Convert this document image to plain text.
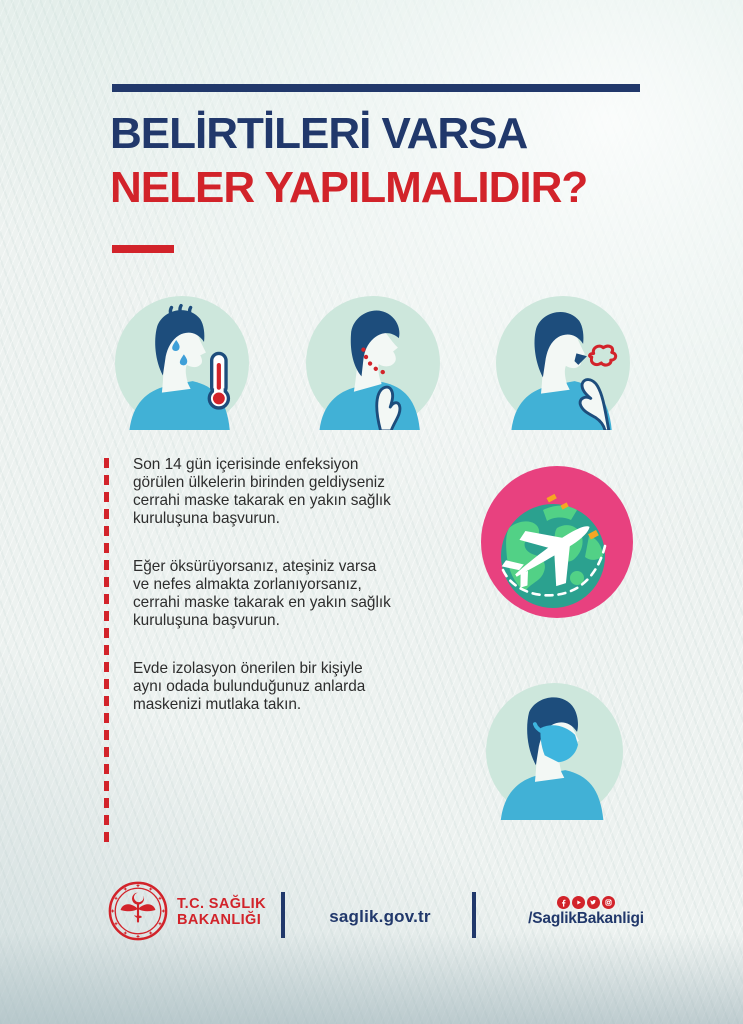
BELİRTİLERİ VARSA
NELER YAPILMALIDIR?

Son 14 gün içerisinde enfeksiyon
görülen ülkelerin birinden geldiyseniz
cerrahi maske takarak en yakın sağlık
kuruluşuna başvurun.

Eğer öksürüyorsanız, ateşiniz varsa
ve nefes almakta zorlanıyorsanız,
cerrahi maske takarak en yakın sağlık
kuruluşuna başvurun.

Evde izolasyon önerilen bir kişiyle
aynı odada bulunduğunuz anlarda
maskenizi mutlaka takın.

T.C. SAĞLIK
BAKANLIĞI	saglik.gov.tr	/SaglikBakanligi
